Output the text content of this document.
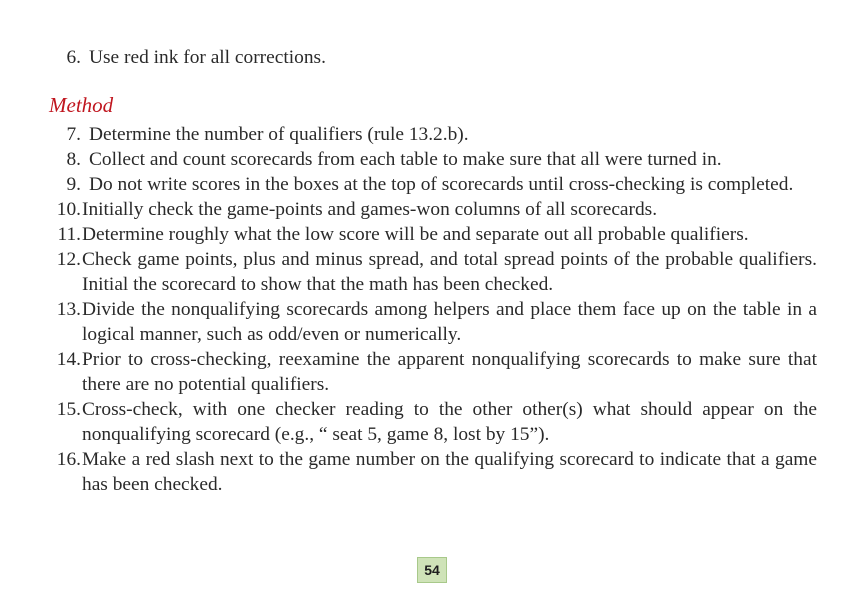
6. Use red ink for all corrections.
Method
7. Determine the number of qualifiers (rule 13.2.b).
8. Collect and count scorecards from each table to make sure that all were turned in.
9. Do not write scores in the boxes at the top of scorecards until cross-checking is completed.
10. Initially check the game-points and games-won columns of all scorecards.
11. Determine roughly what the low score will be and separate out all probable qualifiers.
12. Check game points, plus and minus spread, and total spread points of the probable qualifiers. Initial the scorecard to show that the math has been checked.
13. Divide the nonqualifying scorecards among helpers and place them face up on the table in a logical manner, such as odd/even or numerically.
14. Prior to cross-checking, reexamine the apparent nonqualifying scorecards to make sure that there are no potential qualifiers.
15. Cross-check, with one checker reading to the other other(s) what should appear on the nonqualifying scorecard (e.g., “ seat 5, game 8, lost by 15”).
16. Make a red slash next to the game number on the qualifying scorecard to indicate that a game has been checked.
54
